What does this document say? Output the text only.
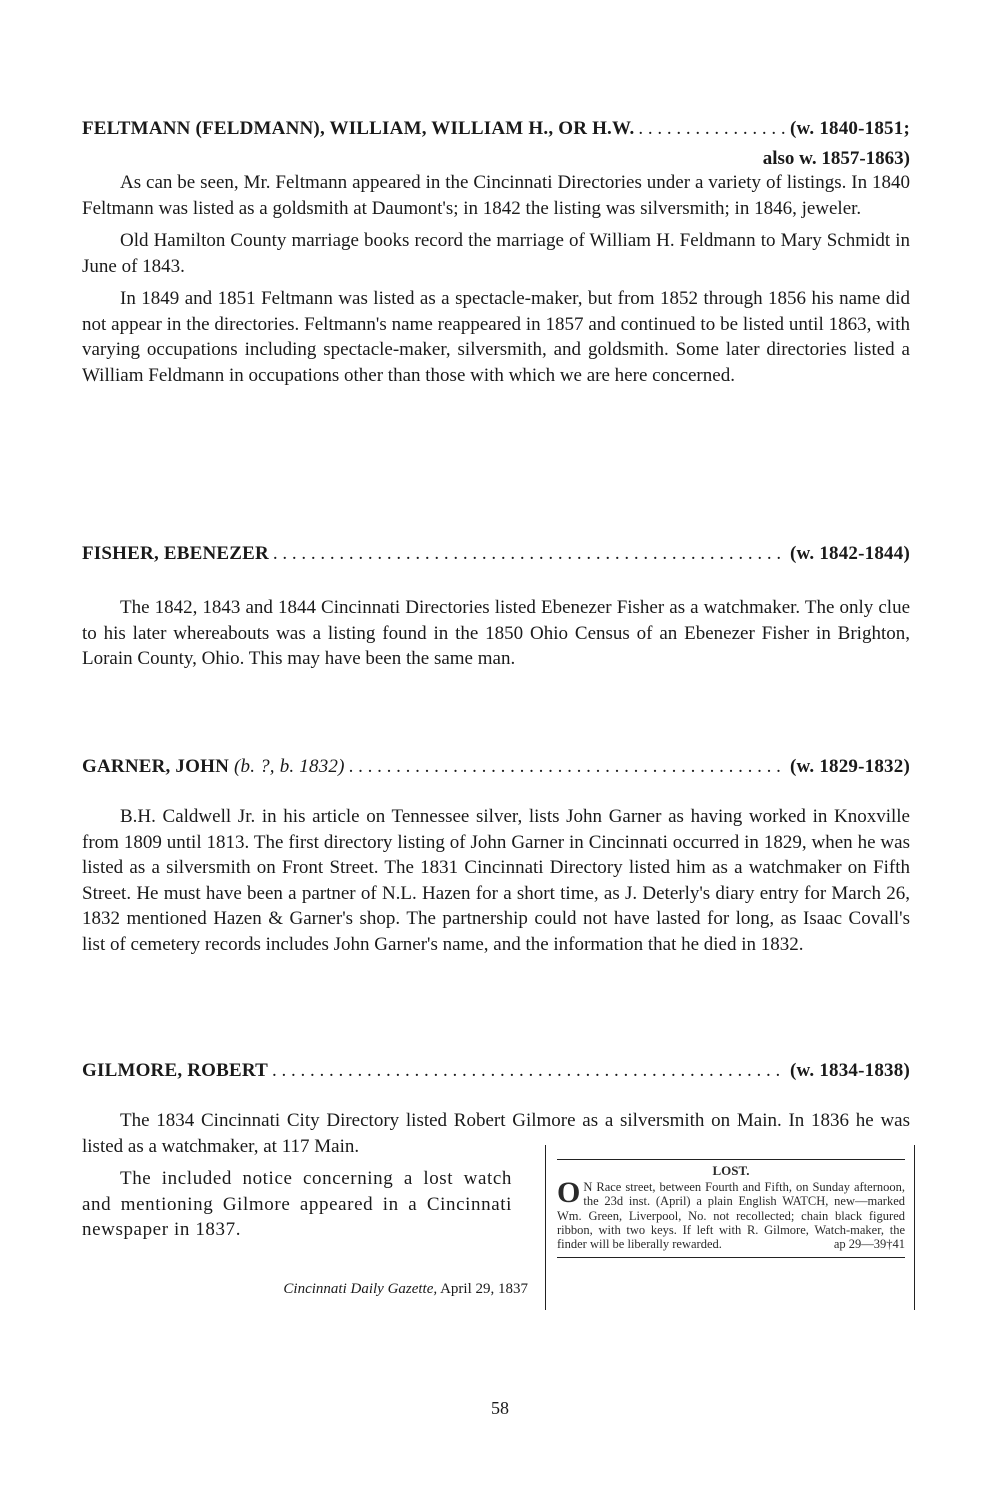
FELTMANN (FELDMANN), WILLIAM, WILLIAM H., OR H.W. . . .	(w. 1840-1851;
also w. 1857-1863)

As can be seen, Mr. Feltmann appeared in the Cincinnati Directories under a variety of listings. In 1840 Feltmann was listed as a goldsmith at Daumont's; in 1842 the listing was silversmith; in 1846, jeweler.

Old Hamilton County marriage books record the marriage of William H. Feldmann to Mary Schmidt in June of 1843.

In 1849 and 1851 Feltmann was listed as a spectacle-maker, but from 1852 through 1856 his name did not appear in the directories. Feltmann's name reappeared in 1857 and continued to be listed until 1863, with varying occupations including spectacle-maker, silversmith, and goldsmith. Some later directories listed a William Feldmann in occupations other than those with which we are here concerned.

FISHER, EBENEZER . . .	(w. 1842-1844)

The 1842, 1843 and 1844 Cincinnati Directories listed Ebenezer Fisher as a watchmaker. The only clue to his later whereabouts was a listing found in the 1850 Ohio Census of an Ebenezer Fisher in Brighton, Lorain County, Ohio. This may have been the same man.

GARNER, JOHN (b. ?, b. 1832) . . .	(w. 1829-1832)

B.H. Caldwell Jr. in his article on Tennessee silver, lists John Garner as having worked in Knoxville from 1809 until 1813. The first directory listing of John Garner in Cincinnati occurred in 1829, when he was listed as a silversmith on Front Street. The 1831 Cincinnati Directory listed him as a watchmaker on Fifth Street. He must have been a partner of N.L. Hazen for a short time, as J. Deterly's diary entry for March 26, 1832 mentioned Hazen & Garner's shop. The partnership could not have lasted for long, as Isaac Covall's list of cemetery records includes John Garner's name, and the information that he died in 1832.

GILMORE, ROBERT . . .	(w. 1834-1838)

The 1834 Cincinnati City Directory listed Robert Gilmore as a silversmith on Main. In 1836 he was listed as a watchmaker, at 117 Main.

The included notice concerning a lost watch and mentioning Gilmore appeared in a Cincinnati newspaper in 1837.

Cincinnati Daily Gazette, April 29, 1837
LOST.
O N Race street, between Fourth and Fifth, on Sunday afternoon, the 23d inst. (April) a plain English WATCH, new—marked Wm. Green, Liverpool, No. not recollected; chain black figured ribbon, with two keys. If left with R. Gilmore, Watch-maker, the finder will be liberally rewarded.	ap 29—39†41
58
